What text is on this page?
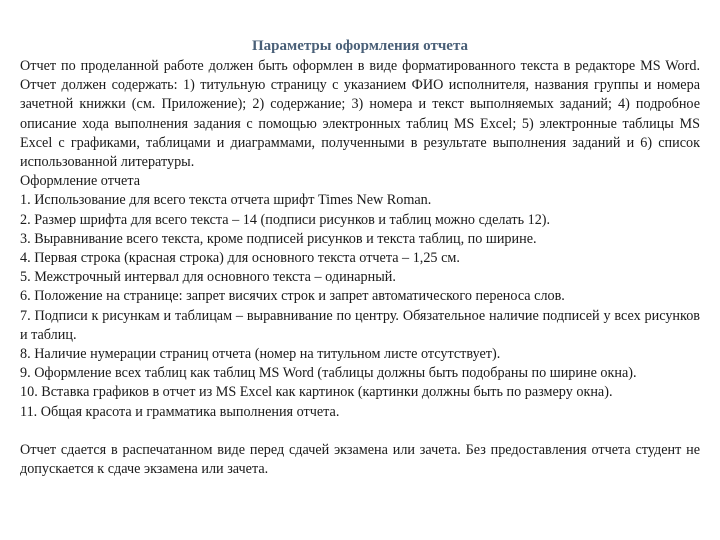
Параметры оформления отчета

Отчет по проделанной работе должен быть оформлен в виде форматированного текста в редакторе MS Word. Отчет должен содержать: 1) титульную страницу с указанием ФИО исполнителя, названия группы и номера зачетной книжки (см. Приложение); 2) содержание; 3) номера и текст выполняемых заданий; 4) подробное описание хода выполнения задания с помощью электронных таблиц MS Excel; 5) электронные таблицы MS Excel с графиками, таблицами и диаграммами, полученными в результате выполнения заданий и 6) список использованной литературы.

Оформление отчета

1. Использование для всего текста отчета шрифт Times New Roman.

2. Размер шрифта для всего текста – 14 (подписи рисунков и таблиц можно сделать 12).

3. Выравнивание всего текста, кроме подписей рисунков и текста таблиц, по ширине.

4. Первая строка (красная строка) для основного текста отчета – 1,25 см.

5. Межстрочный интервал для основного текста – одинарный.

6. Положение на странице: запрет висячих строк и запрет автоматического переноса слов.

7. Подписи к рисункам и таблицам – выравнивание по центру. Обязательное наличие подписей у всех рисунков и таблиц.

8. Наличие нумерации страниц отчета (номер на титульном листе отсутствует).

9. Оформление всех таблиц как таблиц MS Word (таблицы должны быть подобраны по ширине окна).

10. Вставка графиков в отчет из MS Excel как картинок (картинки должны быть по размеру окна).

11. Общая красота и грамматика выполнения отчета.

Отчет сдается в распечатанном виде перед сдачей экзамена или зачета. Без предоставления отчета студент не допускается к сдаче экзамена или зачета.
